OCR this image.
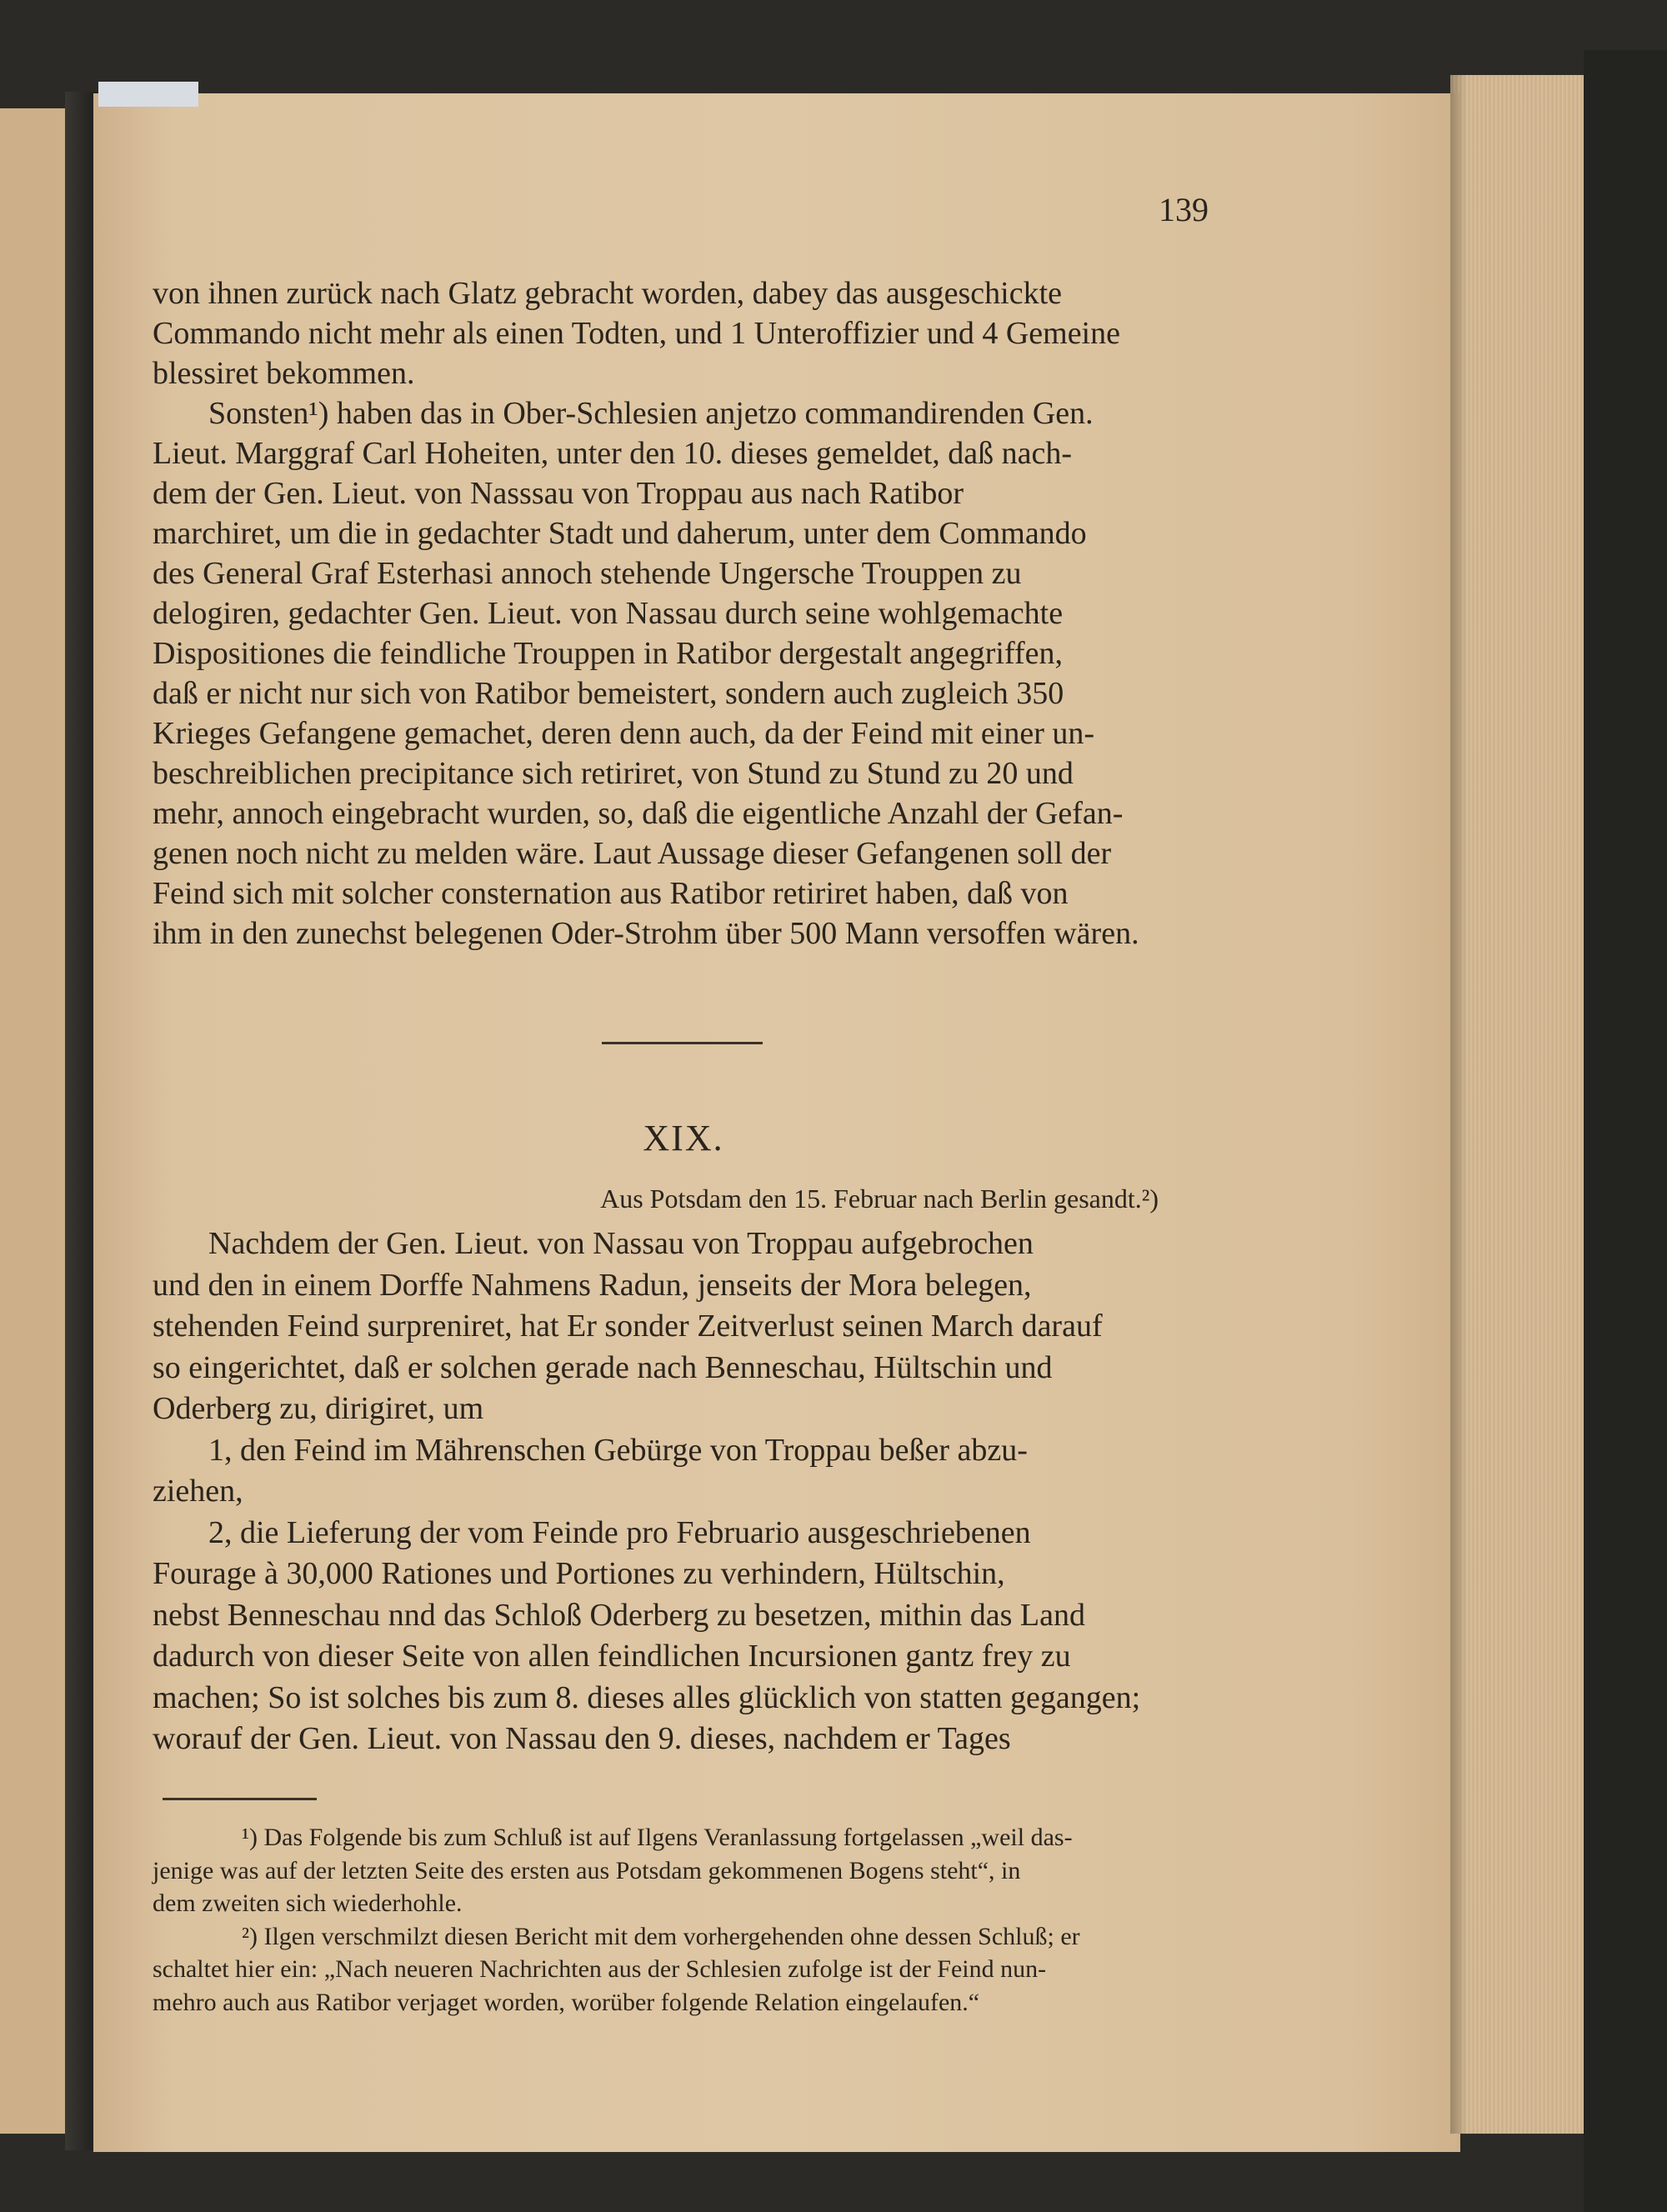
139
von ihnen zurück nach Glatz gebracht worden, dabey das ausgeschickte
Commando nicht mehr als einen Todten, und 1 Unteroffizier und 4 Gemeine
blessiret bekommen.
Sonsten¹) haben das in Ober-Schlesien anjetzo commandirenden Gen.
Lieut. Marggraf Carl Hoheiten, unter den 10. dieses gemeldet, daß nach-
dem der Gen. Lieut. von Nasssau von Troppau aus nach Ratibor
marchiret, um die in gedachter Stadt und daherum, unter dem Commando
des General Graf Esterhasi annoch stehende Ungersche Trouppen zu
delogiren, gedachter Gen. Lieut. von Nassau durch seine wohlgemachte
Dispositiones die feindliche Trouppen in Ratibor dergestalt angegriffen,
daß er nicht nur sich von Ratibor bemeistert, sondern auch zugleich 350
Krieges Gefangene gemachet, deren denn auch, da der Feind mit einer un-
beschreiblichen precipitance sich retiriret, von Stund zu Stund zu 20 und
mehr, annoch eingebracht wurden, so, daß die eigentliche Anzahl der Gefan-
genen noch nicht zu melden wäre. Laut Aussage dieser Gefangenen soll der
Feind sich mit solcher consternation aus Ratibor retiriret haben, daß von
ihm in den zunechst belegenen Oder-Strohm über 500 Mann versoffen wären.
XIX.
Aus Potsdam den 15. Februar nach Berlin gesandt.²)
Nachdem der Gen. Lieut. von Nassau von Troppau aufgebrochen
und den in einem Dorffe Nahmens Radun, jenseits der Mora belegen,
stehenden Feind surpreniret, hat Er sonder Zeitverlust seinen March darauf
so eingerichtet, daß er solchen gerade nach Benneschau, Hültschin und
Oderberg zu, dirigiret, um
1, den Feind im Mährenschen Gebürge von Troppau beßer abzu-
ziehen,
2, die Lieferung der vom Feinde pro Februario ausgeschriebenen
Fourage à 30,000 Rationes und Portiones zu verhindern, Hültschin,
nebst Benneschau nnd das Schloß Oderberg zu besetzen, mithin das Land
dadurch von dieser Seite von allen feindlichen Incursionen gantz frey zu
machen; So ist solches bis zum 8. dieses alles glücklich von statten gegangen;
worauf der Gen. Lieut. von Nassau den 9. dieses, nachdem er Tages
¹) Das Folgende bis zum Schluß ist auf Ilgens Veranlassung fortgelassen „weil das-
jenige was auf der letzten Seite des ersten aus Potsdam gekommenen Bogens steht“, in
dem zweiten sich wiederhohle.
²) Ilgen verschmilzt diesen Bericht mit dem vorhergehenden ohne dessen Schluß; er
schaltet hier ein: „Nach neueren Nachrichten aus der Schlesien zufolge ist der Feind nun-
mehro auch aus Ratibor verjaget worden, worüber folgende Relation eingelaufen.“
